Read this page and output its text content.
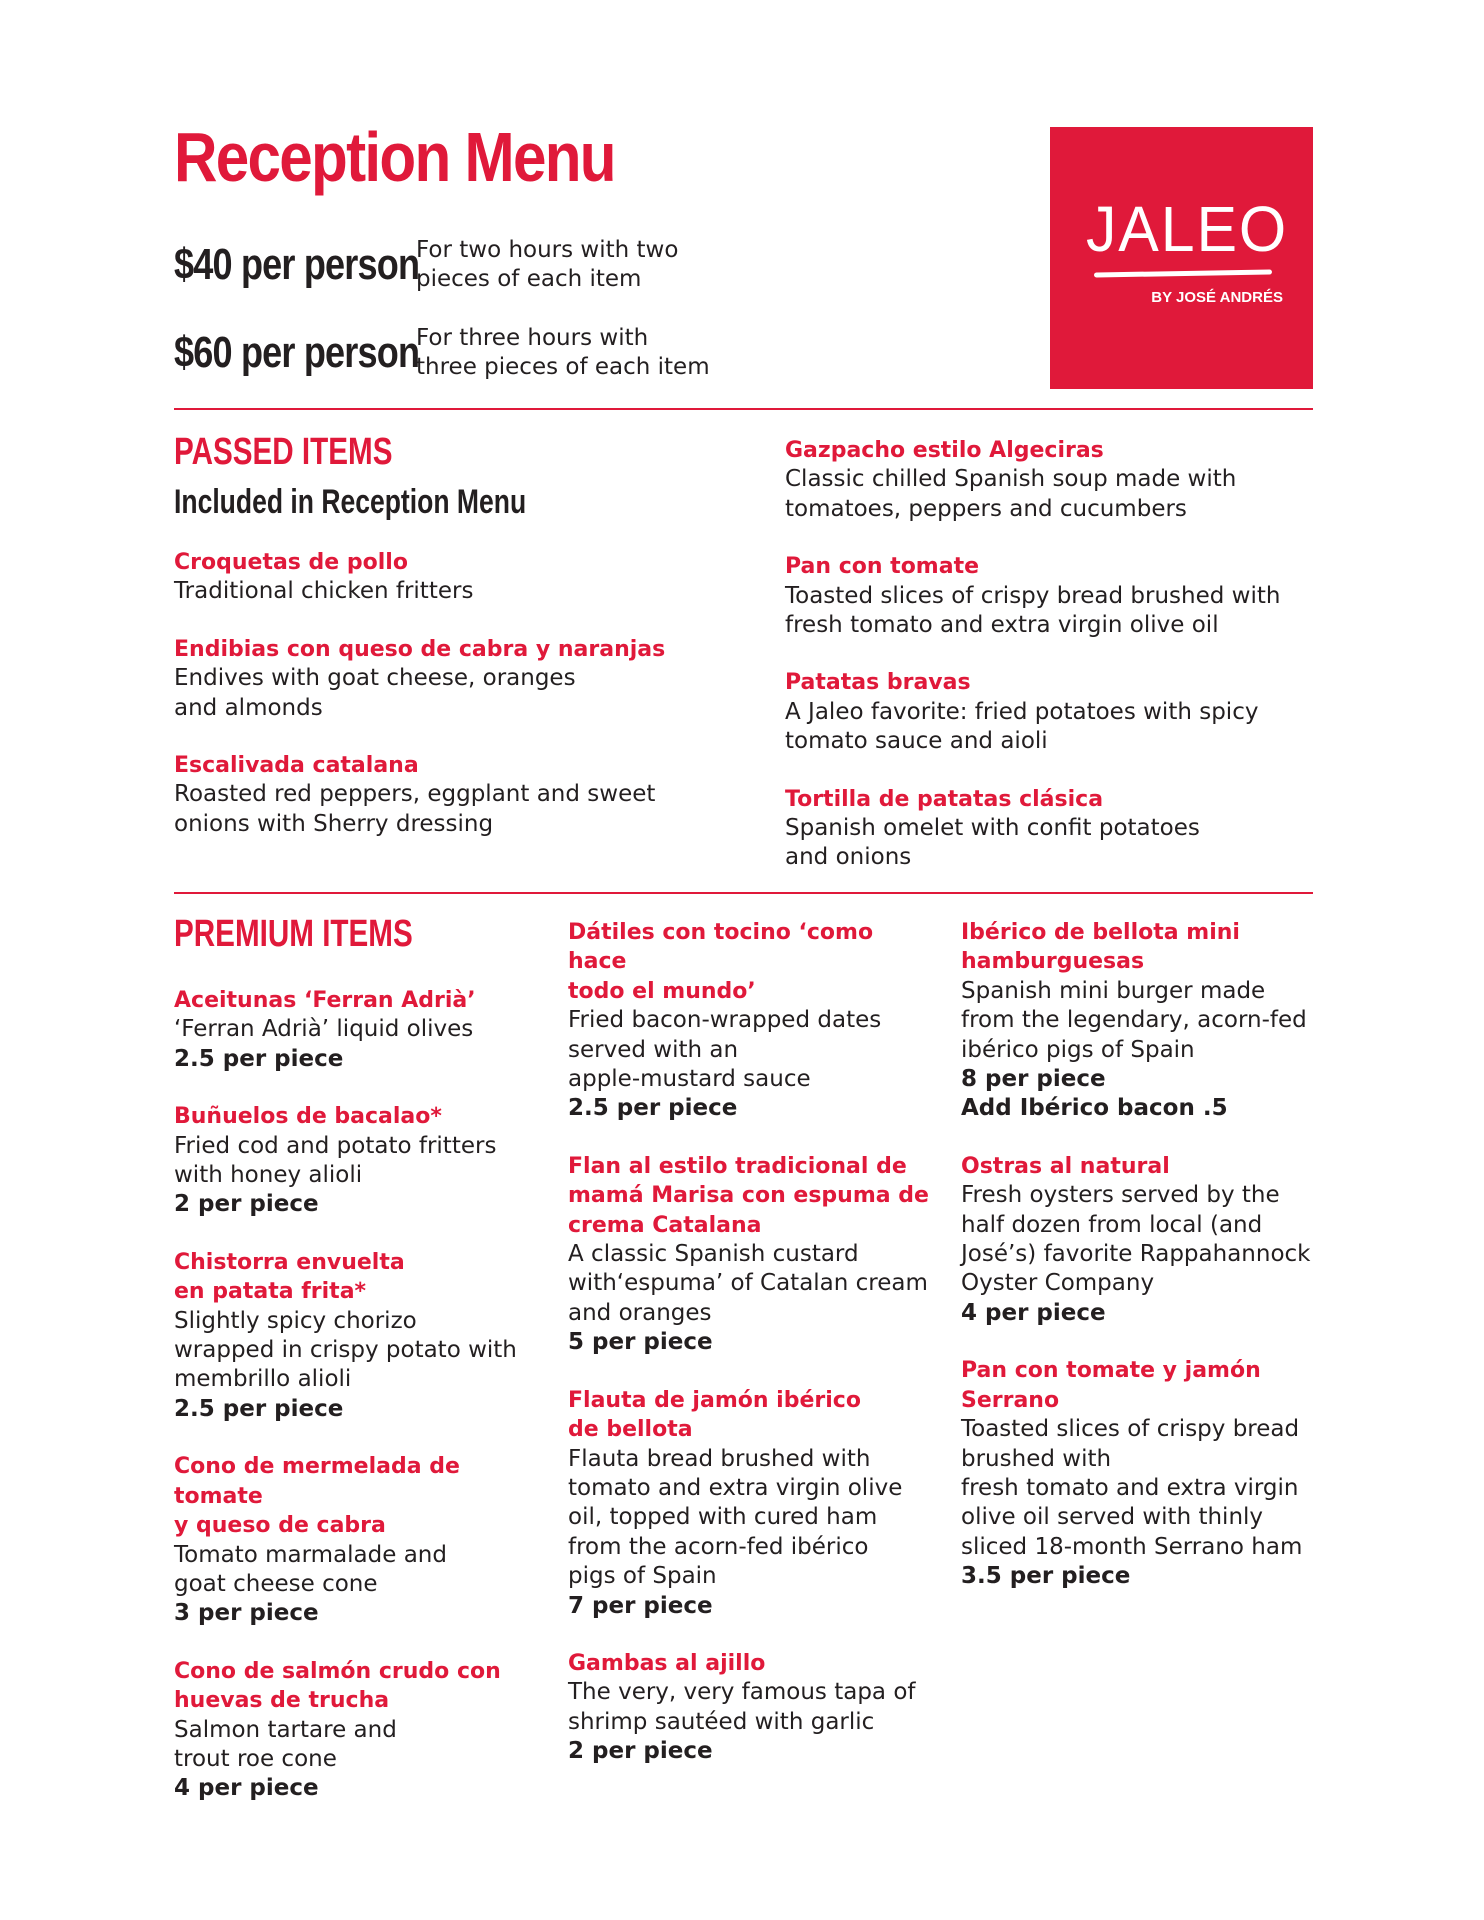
Reception Menu
$40 per person
For two hours with two
pieces of each item
$60 per person
For three hours with
three pieces of each item
JALEO
BY JOSÉ ANDRÉS
PASSED ITEMS
Included in Reception Menu
Croquetas de pollo
Traditional chicken fritters
Endibias con queso de cabra y naranjas
Endives with goat cheese, oranges
and almonds
Escalivada catalana
Roasted red peppers, eggplant and sweet
onions with Sherry dressing
Gazpacho estilo Algeciras
Classic chilled Spanish soup made with
tomatoes, peppers and cucumbers
Pan con tomate
Toasted slices of crispy bread brushed with
fresh tomato and extra virgin olive oil
Patatas bravas
A Jaleo favorite: fried potatoes with spicy
tomato sauce and aioli
Tortilla de patatas clásica
Spanish omelet with confit potatoes
and onions
PREMIUM ITEMS
Aceitunas ‘Ferran Adrià’
‘Ferran Adrià’ liquid olives
2.5 per piece
Buñuelos de bacalao*
Fried cod and potato fritters
with honey alioli
2 per piece
Chistorra envuelta
en patata frita*
Slightly spicy chorizo
wrapped in crispy potato with
membrillo alioli
2.5 per piece
Cono de mermelada de tomate
y queso de cabra
Tomato marmalade and
goat cheese cone
3 per piece
Cono de salmón crudo con
huevas de trucha
Salmon tartare and
trout roe cone
4 per piece
Dátiles con tocino ‘como hace
todo el mundo’
Fried bacon-wrapped dates
served with an
apple-mustard sauce
2.5 per piece
Flan al estilo tradicional de
mamá Marisa con espuma de
crema Catalana
A classic Spanish custard
with‘espuma’ of Catalan cream
and oranges
5 per piece
Flauta de jamón ibérico
de bellota
Flauta bread brushed with
tomato and extra virgin olive
oil, topped with cured ham
from the acorn-fed ibérico
pigs of Spain
7 per piece
Gambas al ajillo
The very, very famous tapa of
shrimp sautéed with garlic
2 per piece
Ibérico de bellota mini
hamburguesas
Spanish mini burger made
from the legendary, acorn-fed
ibérico pigs of Spain
8 per piece
Add Ibérico bacon .5
Ostras al natural
Fresh oysters served by the
half dozen from local (and
José’s) favorite Rappahannock
Oyster Company
4 per piece
Pan con tomate y jamón
Serrano
Toasted slices of crispy bread
brushed with
fresh tomato and extra virgin
olive oil served with thinly
sliced 18-month Serrano ham
3.5 per piece
